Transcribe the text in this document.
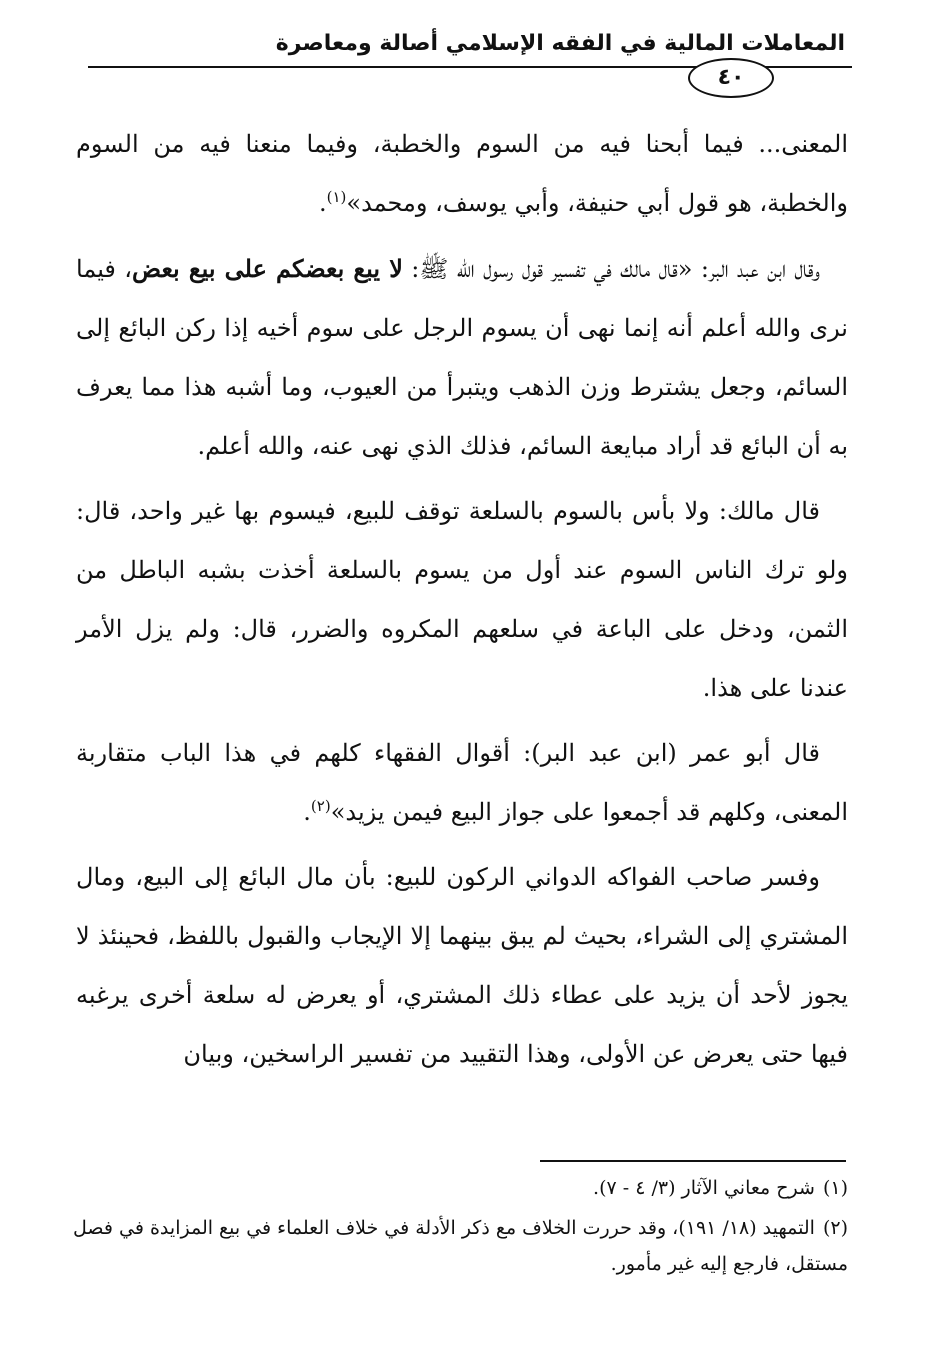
المعاملات المالية في الفقه الإسلامي أصالة ومعاصرة
٤٠

المعنى... فيما أبحنا فيه من السوم والخطبة، وفيما منعنا فيه من السوم والخطبة، هو قول أبي حنيفة، وأبي يوسف، ومحمد»$^{(١)}$.

وقال ابن عبد البر: «قال مالك في تفسير قول رسول الله ﷺ: لا يبع بعضكم على بيع بعض، فيما نرى والله أعلم أنه إنما نهى أن يسوم الرجل على سوم أخيه إذا ركن البائع إلى السائم، وجعل يشترط وزن الذهب ويتبرأ من العيوب، وما أشبه هذا مما يعرف به أن البائع قد أراد مبايعة السائم، فذلك الذي نهى عنه، والله أعلم.

قال مالك: ولا بأس بالسوم بالسلعة توقف للبيع، فيسوم بها غير واحد، قال: ولو ترك الناس السوم عند أول من يسوم بالسلعة أخذت بشبه الباطل من الثمن، ودخل على الباعة في سلعهم المكروه والضرر، قال: ولم يزل الأمر عندنا على هذا.

قال أبو عمر (ابن عبد البر): أقوال الفقهاء كلهم في هذا الباب متقاربة المعنى، وكلهم قد أجمعوا على جواز البيع فيمن يزيد»$^{(٢)}$.

وفسر صاحب الفواكه الدواني الركون للبيع: بأن مال البائع إلى البيع، ومال المشتري إلى الشراء، بحيث لم يبق بينهما إلا الإيجاب والقبول باللفظ، فحينئذ لا يجوز لأحد أن يزيد على عطاء ذلك المشتري، أو يعرض له سلعة أخرى يرغبه فيها حتى يعرض عن الأولى، وهذا التقييد من تفسير الراسخين، وبيان

(١)شرح معاني الآثار (٣/ ٤ - ٧).

(٢)التمهيد (١٨/ ١٩١)، وقد حررت الخلاف مع ذكر الأدلة في خلاف العلماء في بيع المزايدة في فصل مستقل، فارجع إليه غير مأمور.
